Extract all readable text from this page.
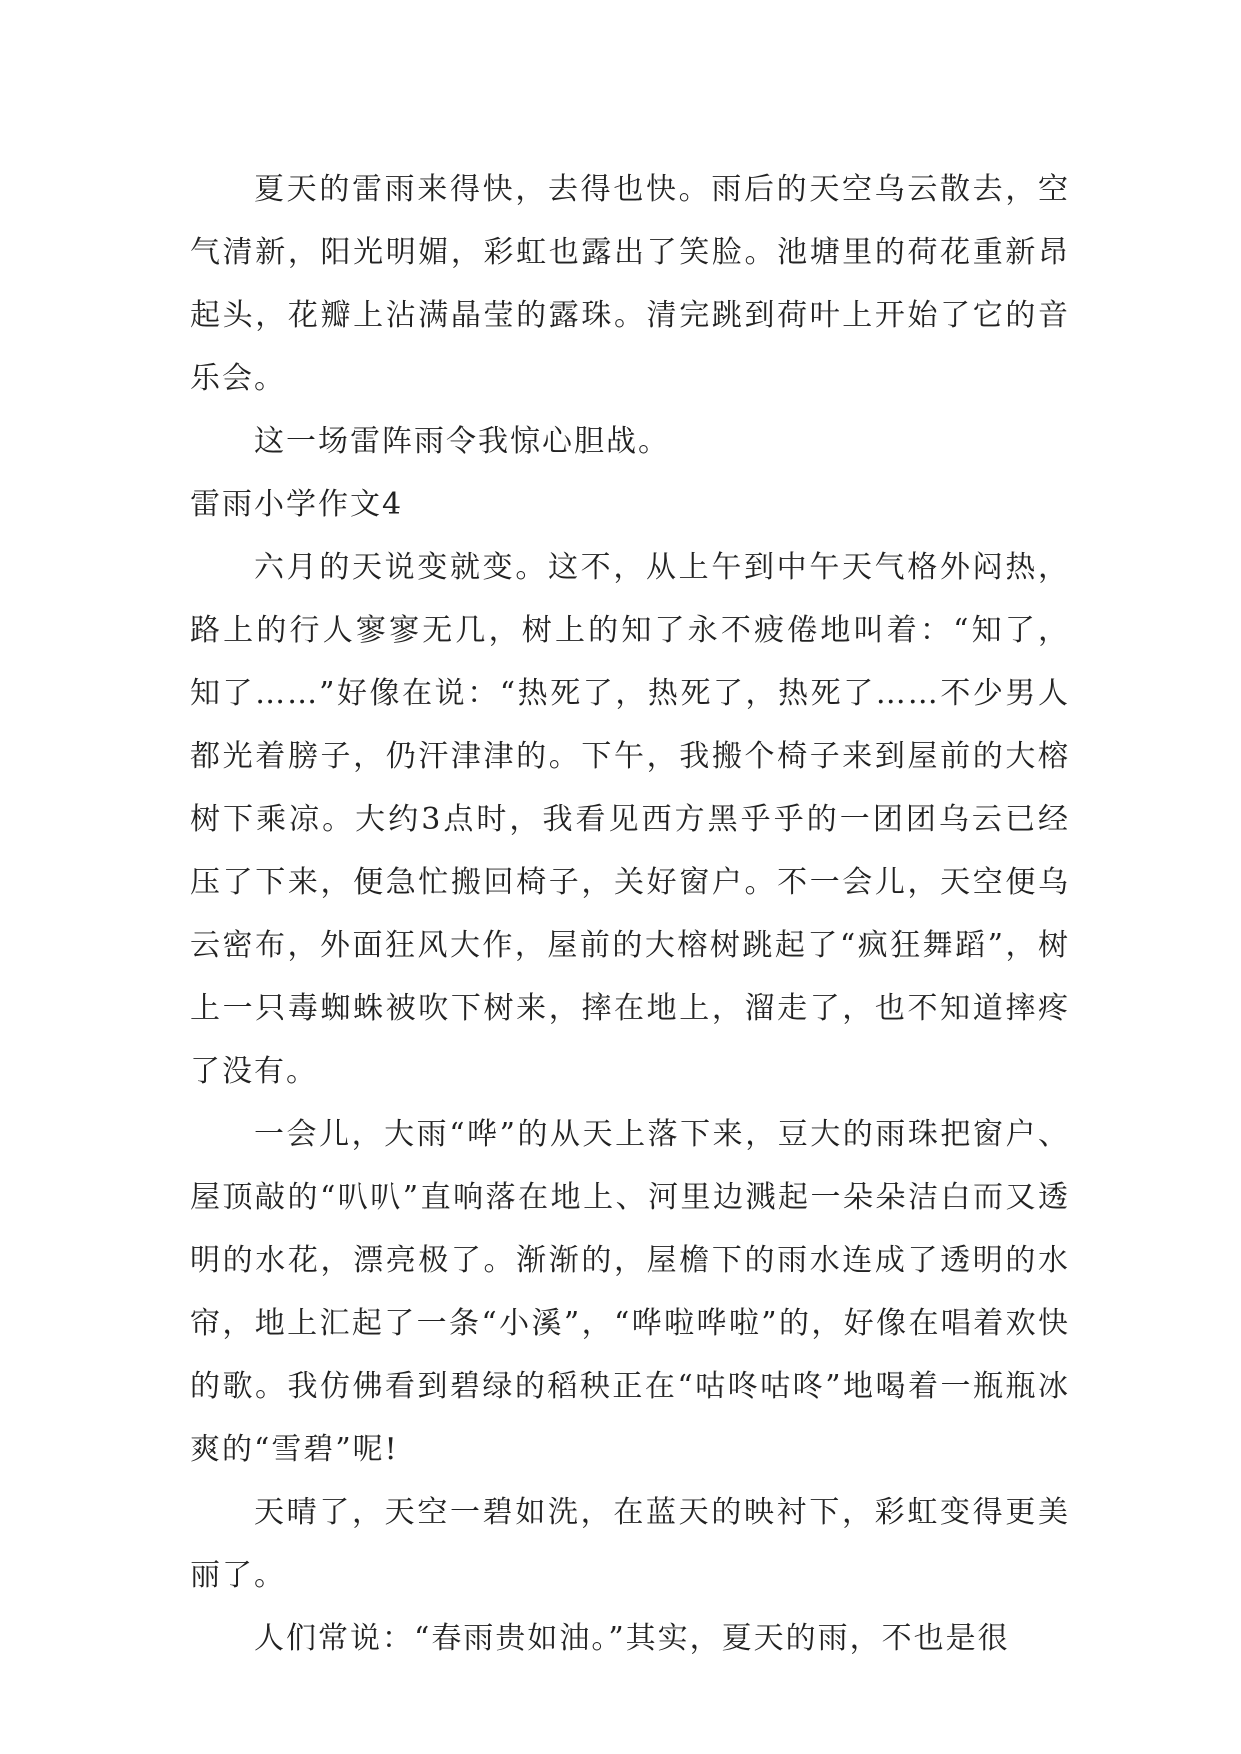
夏天的雷雨来得快，去得也快。雨后的天空乌云散去，空气清新，阳光明媚，彩虹也露出了笑脸。池塘里的荷花重新昂起头，花瓣上沾满晶莹的露珠。清完跳到荷叶上开始了它的音乐会。

这一场雷阵雨令我惊心胆战。

雷雨小学作文4

六月的天说变就变。这不，从上午到中午天气格外闷热，路上的行人寥寥无几，树上的知了永不疲倦地叫着：“知了，知了……”好像在说：“热死了，热死了，热死了……不少男人都光着膀子，仍汗津津的。下午，我搬个椅子来到屋前的大榕树下乘凉。大约3点时，我看见西方黑乎乎的一团团乌云已经压了下来，便急忙搬回椅子，关好窗户。不一会儿，天空便乌云密布，外面狂风大作，屋前的大榕树跳起了“疯狂舞蹈”，树上一只毒蜘蛛被吹下树来，摔在地上，溜走了，也不知道摔疼了没有。

一会儿，大雨“哗”的从天上落下来，豆大的雨珠把窗户、屋顶敲的“叭叭”直响落在地上、河里边溅起一朵朵洁白而又透明的水花，漂亮极了。渐渐的，屋檐下的雨水连成了透明的水帘，地上汇起了一条“小溪”，“哗啦哗啦”的，好像在唱着欢快的歌。我仿佛看到碧绿的稻秧正在“咕咚咕咚”地喝着一瓶瓶冰爽的“雪碧”呢!

天晴了，天空一碧如洗，在蓝天的映衬下，彩虹变得更美丽了。

人们常说：“春雨贵如油。”其实，夏天的雨，不也是很
